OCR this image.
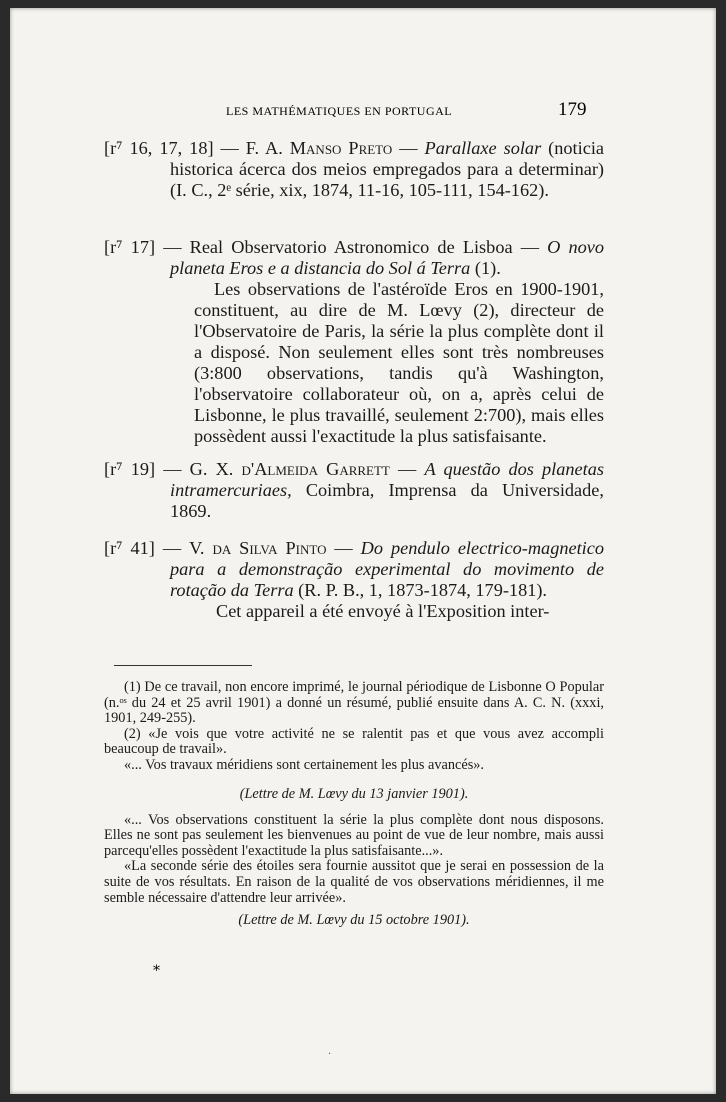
LES MATHÉMATIQUES EN PORTUGAL	179

[r⁷ 16, 17, 18] — F. A. Manso Preto — Parallaxe solar (noticia historica ácerca dos meios empregados para a determinar) (I. C., 2ᵉ série, xix, 1874, 11-16, 105-111, 154-162).

[r⁷ 17] — Real Observatorio Astronomico de Lisboa — O novo planeta Eros e a distancia do Sol á Terra (1).

Les observations de l'astéroïde Eros en 1900-1901, constituent, au dire de M. Lœvy (2), directeur de l'Observatoire de Paris, la série la plus complète dont il a disposé. Non seulement elles sont très nombreuses (3:800 observations, tandis qu'à Washington, l'observatoire collaborateur où, on a, après celui de Lisbonne, le plus travaillé, seulement 2:700), mais elles possèdent aussi l'exactitude la plus satisfaisante.

[r⁷ 19] — G. X. d'Almeida Garrett — A questão dos planetas intramercuriaes, Coimbra, Imprensa da Universidade, 1869.

[r⁷ 41] — V. da Silva Pinto — Do pendulo electrico-magnetico para a demonstração experimental do movimento de rotação da Terra (R. P. B., 1, 1873-1874, 179-181).

Cet appareil a été envoyé à l'Exposition inter-

(1) De ce travail, non encore imprimé, le journal périodique de Lisbonne O Popular (n.ᵒˢ du 24 et 25 avril 1901) a donné un résumé, publié ensuite dans A. C. N. (xxxi, 1901, 249-255).

(2) «Je vois que votre activité ne se ralentit pas et que vous avez accompli beaucoup de travail».

«... Vos travaux méridiens sont certainement les plus avancés».

(Lettre de M. Lœvy du 13 janvier 1901).

«... Vos observations constituent la série la plus complète dont nous disposons. Elles ne sont pas seulement les bienvenues au point de vue de leur nombre, mais aussi parcequ'elles possèdent l'exactitude la plus satisfaisante...».

«La seconde série des étoiles sera fournie aussitot que je serai en possession de la suite de vos résultats. En raison de la qualité de vos observations méridiennes, il me semble nécessaire d'attendre leur arrivée».

(Lettre de M. Lœvy du 15 octobre 1901).

*
·
